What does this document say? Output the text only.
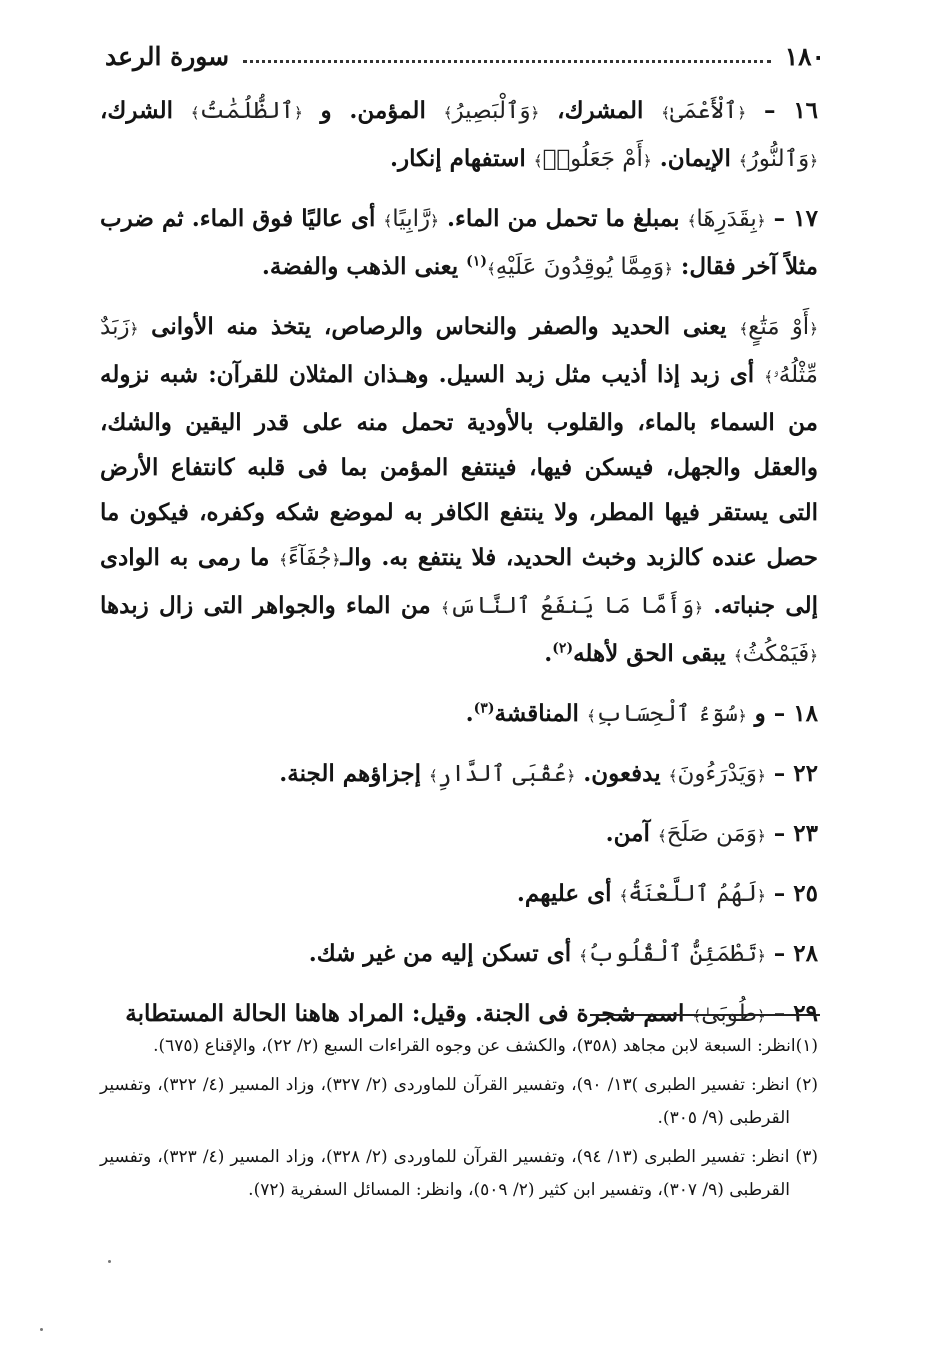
١٨٠
سورة الرعد

١٦ – ﴿ٱلْأَعْمَىٰ﴾ المشرك، ﴿وَٱلْبَصِيرُ﴾ المؤمن. و ﴿ٱلظُّلُمَٰتُ﴾ الشرك، ﴿وَٱلنُّورُ﴾ الإيمان. ﴿أَمْ جَعَلُوا۟﴾ استفهام إنكار.

١٧ – ﴿بِقَدَرِهَا﴾ بمبلغ ما تحمل من الماء. ﴿رَّابِيًا﴾ أى عاليًا فوق الماء. ثم ضرب مثلاً آخر فقال: ﴿وَمِمَّا يُوقِدُونَ عَلَيْهِ﴾$^{(١)}$ يعنى الذهب والفضة.

﴿أَوْ مَتَٰعٍ﴾ يعنى الحديد والصفر والنحاس والرصاص، يتخذ منه الأوانى ﴿زَبَدٌ مِّثْلُهُۥ﴾ أى زبد إذا أذيب مثل زبد السيل. وهـذان المثلان للقرآن: شبه نزوله من السماء بالماء، والقلوب بالأودية تحمل منه على قدر اليقين والشك، والعقل والجهل، فيسكن فيها، فينتفع المؤمن بما فى قلبه كانتفاع الأرض التى يستقر فيها المطر، ولا ينتفع الكافر به لموضع شكه وكفره، فيكون ما حصل عنده كالزبد وخبث الحديد، فلا ينتفع به. وال‍ـ﴿جُفَآءً﴾ ما رمى به الوادى إلى جنباته. ﴿وَأَمَّا مَا يَنفَعُ ٱلنَّاسَ﴾ من الماء والجواهر التى زال زبدها ﴿فَيَمْكُثُ﴾ يبقى الحق لأهله$^{(٢)}$.

١٨ – و ﴿سُوٓءُ ٱلْحِسَابِ﴾ المناقشة$^{(٣)}$.

٢٢ – ﴿وَيَدْرَءُونَ﴾ يدفعون. ﴿عُقْبَى ٱلدَّارِ﴾ إجزاؤهم الجنة.

٢٣ – ﴿وَمَن صَلَحَ﴾ آمن.

٢٥ – ﴿لَهُمُ ٱللَّعْنَةُ﴾ أى عليهم.

٢٨ – ﴿تَطْمَئِنُّ ٱلْقُلُوبُ﴾ أى تسكن إليه من غير شك.

٢٩ – ﴿طُوبَىٰ﴾ اسم شجرة فى الجنة. وقيل: المراد هاهنا الحالة المستطابة

(١)انظر: السبعة لابن مجاهد (٣٥٨)، والكشف عن وجوه القراءات السبع (٢/ ٢٢)، والإقناع (٦٧٥).

(٢) انظر: تفسير الطبرى )١٣/ ٩٠)، وتفسير القرآن للماوردى (٢/ ٣٢٧)، وزاد المسير (٤/ ٣٢٢)، وتفسير القرطبى (٩/ ٣٠٥).

(٣) انظر: تفسير الطبرى (١٣/ ٩٤)، وتفسير القرآن للماوردى (٢/ ٣٢٨)، وزاد المسير (٤/ ٣٢٣)، وتفسير القرطبى (٩/ ٣٠٧)، وتفسير ابن كثير (٢/ ٥٠٩)، وانظر: المسائل السفرية (٧٢).
